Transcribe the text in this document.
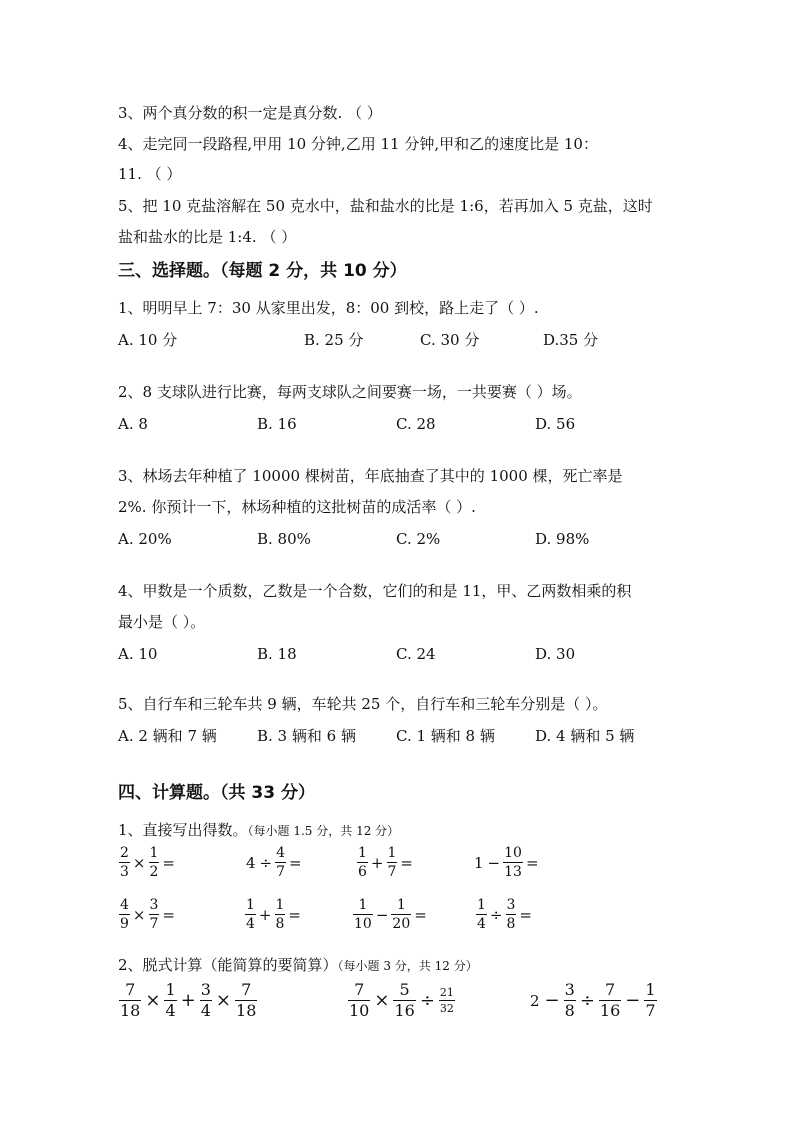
3、两个真分数的积一定是真分数. （ ）
4、走完同一段路程,甲用 10 分钟,乙用 11 分钟,甲和乙的速度比是 10：
11. （ ）
5、把 10 克盐溶解在 50 克水中，盐和盐水的比是 1:6，若再加入 5 克盐，这时
盐和盐水的比是 1:4. （ ）
三、选择题。（每题 2 分，共 10 分）
1、明明早上 7：30 从家里出发，8：00 到校，路上走了（ ）.
A. 10 分	B. 25 分	C. 30 分	D.35 分
2、8 支球队进行比赛，每两支球队之间要赛一场，一共要赛（ ）场。
A. 8	B. 16	C. 28	D. 56
3、林场去年种植了 10000 棵树苗，年底抽查了其中的 1000 棵，死亡率是
2%. 你预计一下，林场种植的这批树苗的成活率（ ）.
A. 20%	B. 80%	C. 2%	D. 98%
4、甲数是一个质数，乙数是一个合数，它们的和是 11，甲、乙两数相乘的积
最小是（ ）。
A. 10	B. 18	C. 24	D. 30
5、自行车和三轮车共 9 辆，车轮共 25 个，自行车和三轮车分别是（ ）。
A. 2 辆和 7 辆	B. 3 辆和 6 辆	C. 1 辆和 8 辆	D. 4 辆和 5 辆
四、计算题。（共 33 分）
1、直接写出得数。（每小题 1.5 分，共 12 分）
$\frac{2}{3} \times \frac{1}{2}$ =	$4 \div \frac{4}{7}$ =	$\frac{1}{6} + \frac{1}{7}$ =	$1 - \frac{10}{13}$ =
$\frac{4}{9} \times \frac{3}{7}$ =	$\frac{1}{4} + \frac{1}{8}$ =	$\frac{1}{10} - \frac{1}{20}$ =	$\frac{1}{4} \div \frac{3}{8}$ =
2、脱式计算（能简算的要简算）（每小题 3 分，共 12 分）
$\frac{7}{18} \times \frac{1}{4} + \frac{3}{4} \times \frac{7}{18}$	$\frac{7}{10} \times \frac{5}{16} \div \frac{21}{32}$	$2 - \frac{3}{8} \div \frac{7}{16} - \frac{1}{7}$
